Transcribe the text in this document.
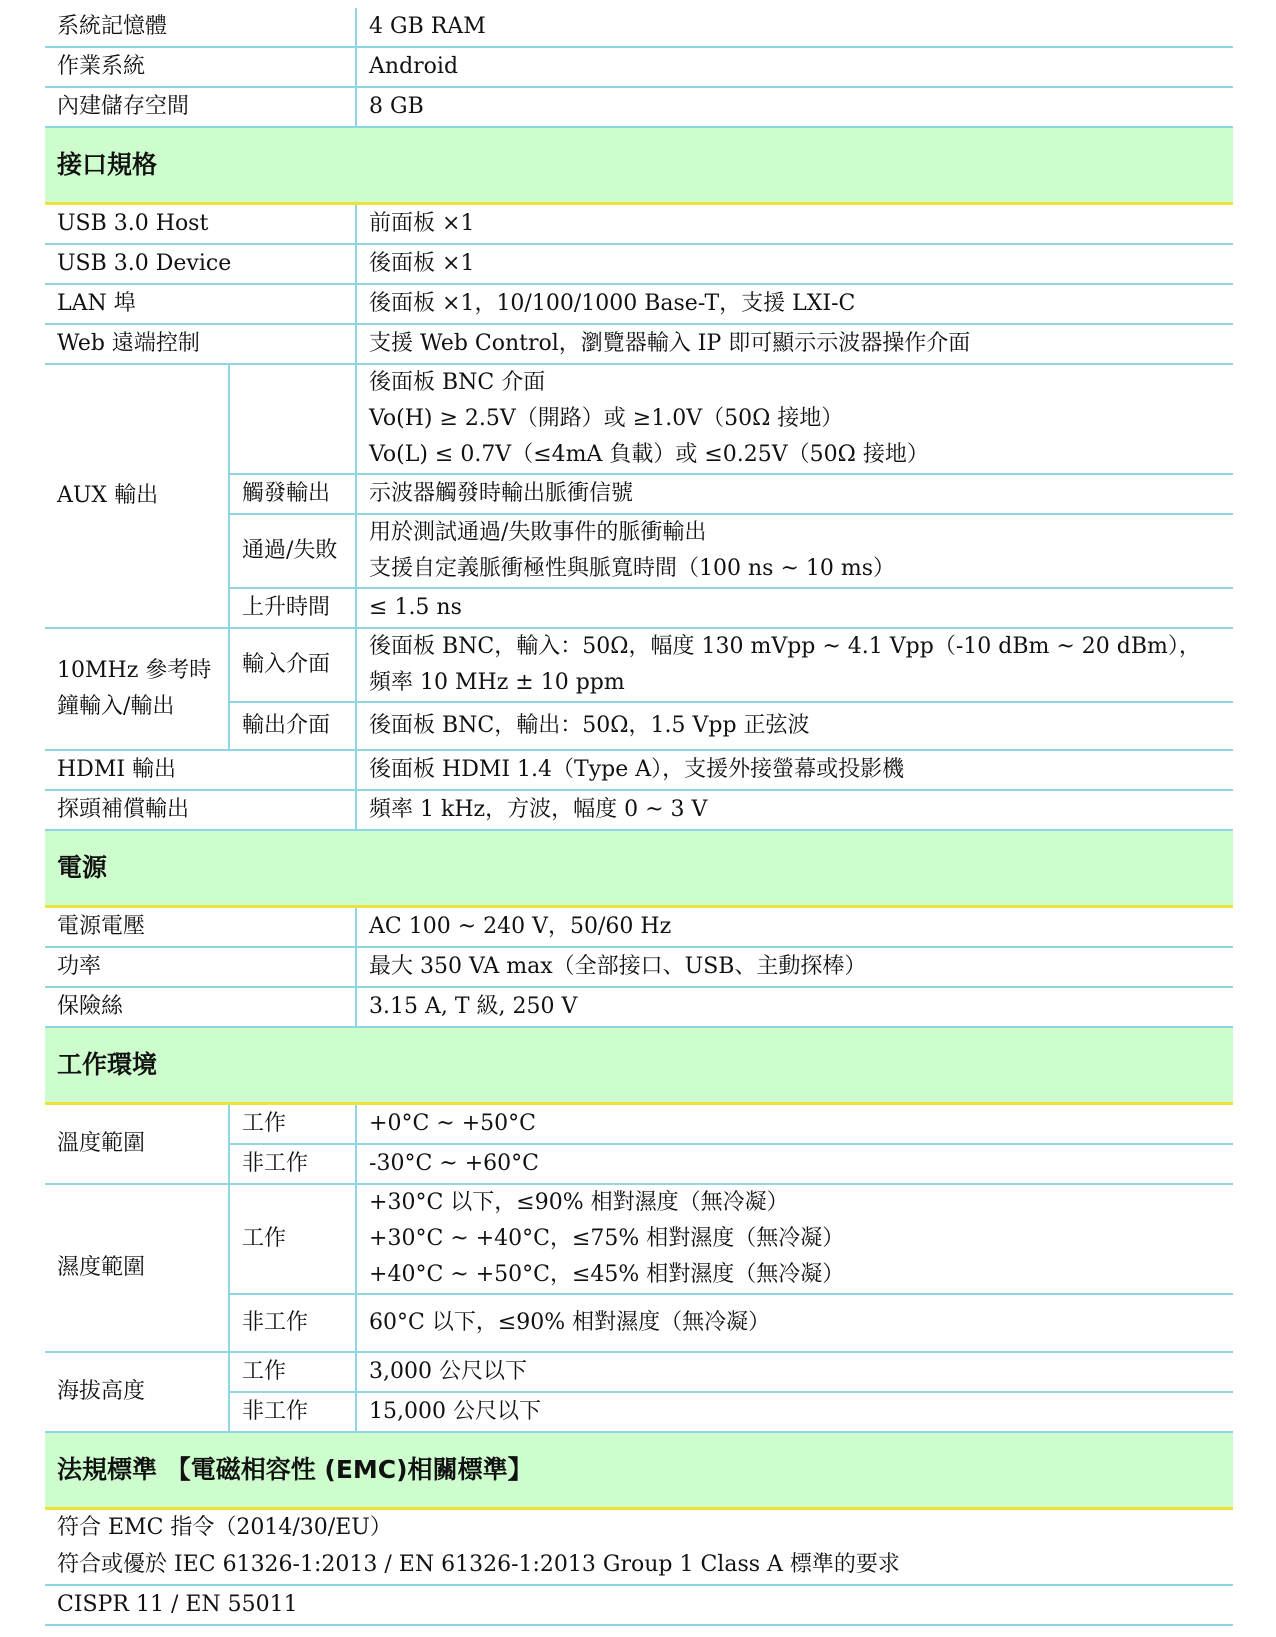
系統記憶體		4 GB RAM
作業系統		Android
內建儲存空間		8 GB
接口規格		
USB 3.0 Host		前面板 ×1
USB 3.0 Device		後面板 ×1
LAN 埠		後面板 ×1，10/100/1000 Base-T，支援 LXI-C
Web 遠端控制		支援 Web Control，瀏覽器輸入 IP 即可顯示示波器操作介面
AUX 輸出		後面板 BNC 介面
Vo(H) ≥ 2.5V（開路）或 ≥1.0V（50Ω 接地）
Vo(L) ≤ 0.7V（≤4mA 負載）或 ≤0.25V（50Ω 接地）

	觸發輸出	示波器觸發時輸出脈衝信號
	通過/失敗	用於測試通過/失敗事件的脈衝輸出
支援自定義脈衝極性與脈寬時間（100 ns ~ 10 ms）

	上升時間	≤ 1.5 ns

10MHz 參考時
鐘輸入/輸出	輸入介面	後面板 BNC，輸入：50Ω，幅度 130 mVpp ~ 4.1 Vpp（-10 dBm ~ 20 dBm），
頻率 10 MHz ± 10 ppm

	輸出介面	後面板 BNC，輸出：50Ω，1.5 Vpp 正弦波
HDMI 輸出		後面板 HDMI 1.4（Type A），支援外接螢幕或投影機
探頭補償輸出		頻率 1 kHz，方波，幅度 0 ~ 3 V
電源		
電源電壓		AC 100 ~ 240 V，50/60 Hz
功率		最大 350 VA max（全部接口、USB、主動探棒）
保險絲		3.15 A, T 級, 250 V
工作環境		
溫度範圍	工作	+0°C ~ +50°C
	非工作	-30°C ~ +60°C
濕度範圍	工作	+30°C 以下，≤90% 相對濕度（無冷凝）
+30°C ~ +40°C，≤75% 相對濕度（無冷凝）
+40°C ~ +50°C，≤45% 相對濕度（無冷凝）

	非工作	60°C 以下，≤90% 相對濕度（無冷凝）
海拔高度	工作	3,000 公尺以下
	非工作	15,000 公尺以下
法規標準 【電磁相容性 (EMC)相關標準】		
符合 EMC 指令（2014/30/EU）		
符合或優於 IEC 61326-1:2013 / EN 61326-1:2013 Group 1 Class A 標準的要求		
CISPR 11 / EN 55011		
